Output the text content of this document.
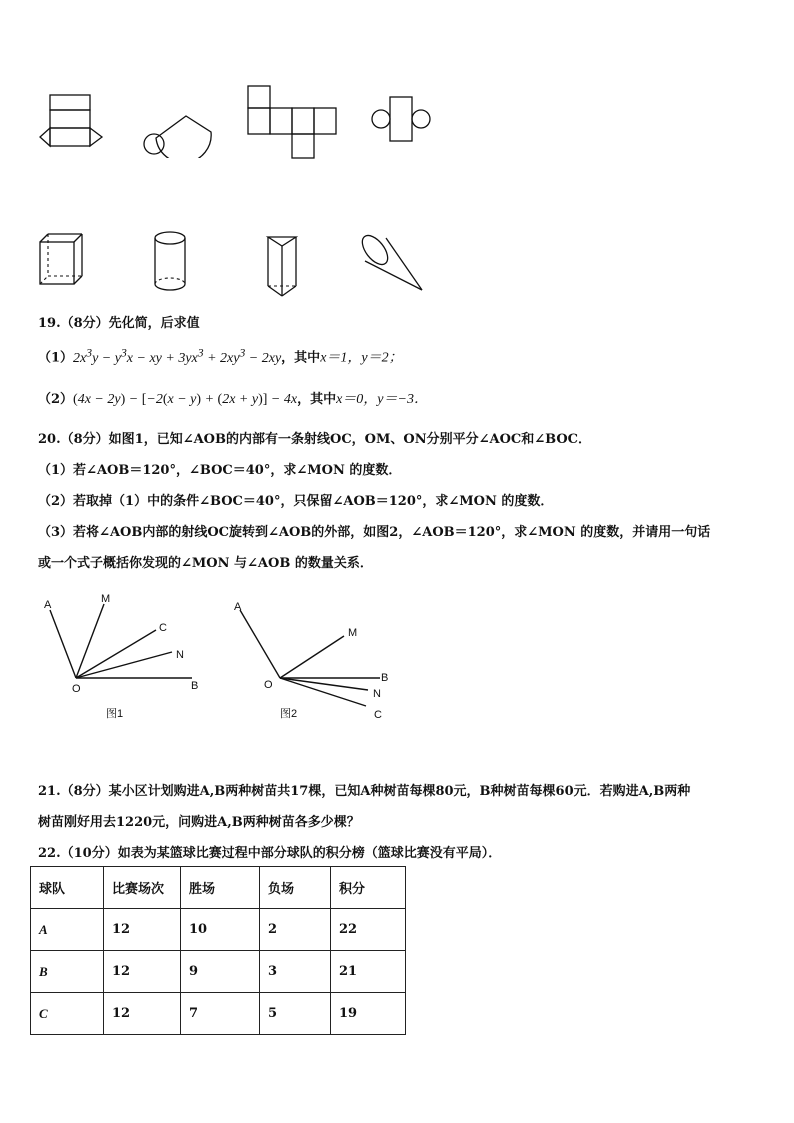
19.（8分）先化简，后求值
$(1)2x^3y - y^3x$ − xy + $3yx^3 + 2xy^3 - 2xy$，其中x＝1，y＝2；
（2）(4x − 2y) − [−2(x − y) + (2x + y)] − 4x，其中x＝0，y＝−3．
20.（8分）如图1，已知∠AOB的内部有一条射线OC，OM、ON分别平分∠AOC和∠BOC．
（1）若∠AOB＝120°，∠BOC＝40°，求∠MON 的度数．
（2）若取掉（1）中的条件∠BOC＝40°，只保留∠AOB＝120°，求∠MON 的度数．
（3）若将∠AOB内部的射线OC旋转到∠AOB的外部，如图2，∠AOB＝120°，求∠MON 的度数，并请用一句话
或一个式子概括你发现的∠MON 与∠AOB 的数量关系．
A	M
C
N
O	B
图1
A
M
B
N
O
C
图2
21.（8分）某小区计划购进A,B两种树苗共17棵，已知A种树苗每棵80元，B种树苗每棵60元．若购进A,B两种
树苗刚好用去1220元，问购进A,B两种树苗各多少棵？
22.（10分）如表为某篮球比赛过程中部分球队的积分榜（篮球比赛没有平局）．
球队	比赛场次	胜场	负场	积分
A	12	10	2	22
B	12	9	3	21
C	12	7	5	19
